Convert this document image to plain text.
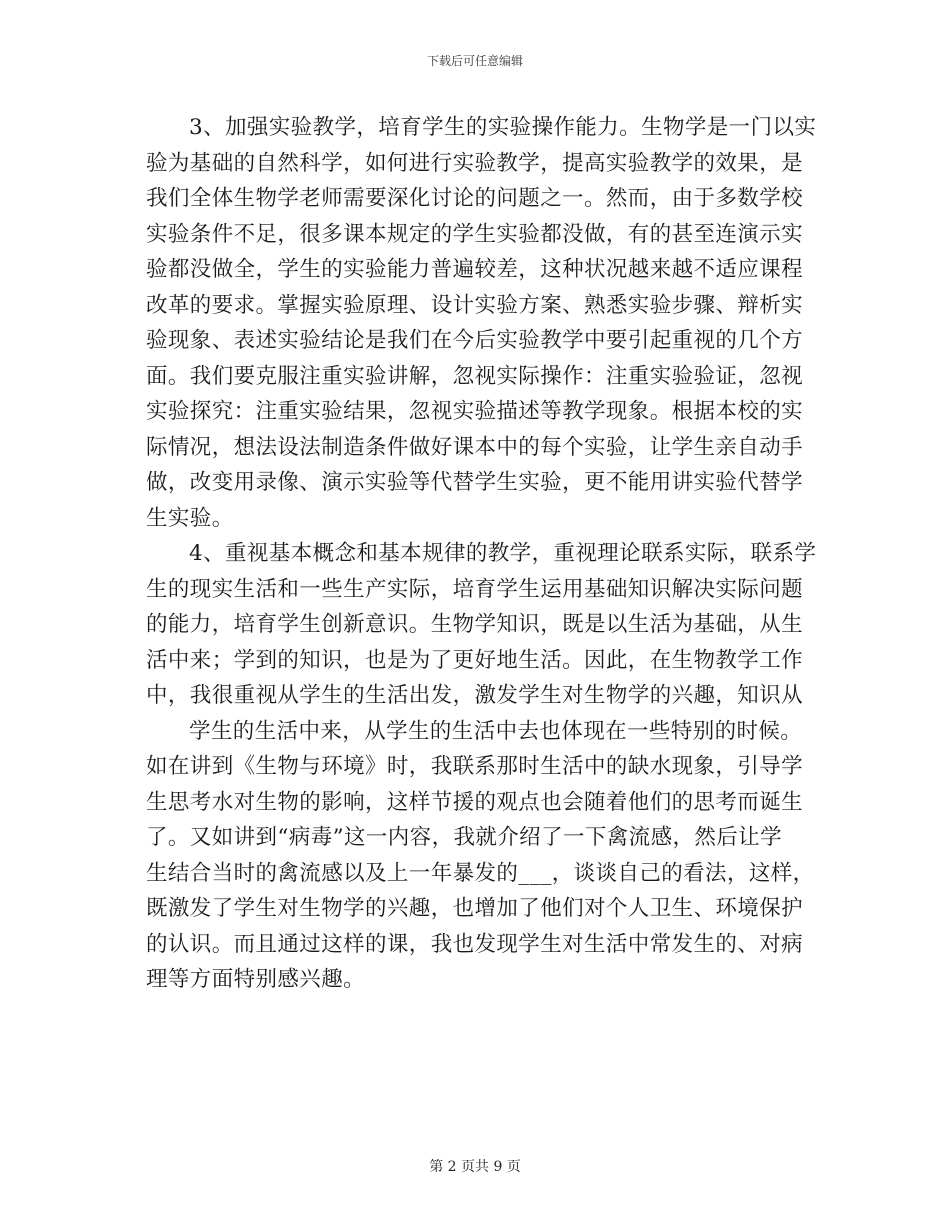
下载后可任意编辑
3、加强实验教学，培育学生的实验操作能力。生物学是一门以实
验为基础的自然科学，如何进行实验教学，提高实验教学的效果，是
我们全体生物学老师需要深化讨论的问题之一。然而，由于多数学校
实验条件不足，很多课本规定的学生实验都没做，有的甚至连演示实
验都没做全，学生的实验能力普遍较差，这种状况越来越不适应课程
改革的要求。掌握实验原理、设计实验方案、熟悉实验步骤、辩析实
验现象、表述实验结论是我们在今后实验教学中要引起重视的几个方
面。我们要克服注重实验讲解，忽视实际操作：注重实验验证，忽视
实验探究：注重实验结果，忽视实验描述等教学现象。根据本校的实
际情况，想法设法制造条件做好课本中的每个实验，让学生亲自动手
做，改变用录像、演示实验等代替学生实验，更不能用讲实验代替学
生实验。
4、重视基本概念和基本规律的教学，重视理论联系实际，联系学
生的现实生活和一些生产实际，培育学生运用基础知识解决实际问题
的能力，培育学生创新意识。生物学知识，既是以生活为基础，从生
活中来；学到的知识，也是为了更好地生活。因此，在生物教学工作
中，我很重视从学生的生活出发，激发学生对生物学的兴趣，知识从
学生的生活中来，从学生的生活中去也体现在一些特别的时候。
如在讲到《生物与环境》时，我联系那时生活中的缺水现象，引导学
生思考水对生物的影响，这样节援的观点也会随着他们的思考而诞生
了。又如讲到“病毒”这一内容，我就介绍了一下禽流感，然后让学
生结合当时的禽流感以及上一年暴发的___，谈谈自己的看法，这样，
既激发了学生对生物学的兴趣，也增加了他们对个人卫生、环境保护
的认识。而且通过这样的课，我也发现学生对生活中常发生的、对病
理等方面特别感兴趣。
第 2 页共 9 页
